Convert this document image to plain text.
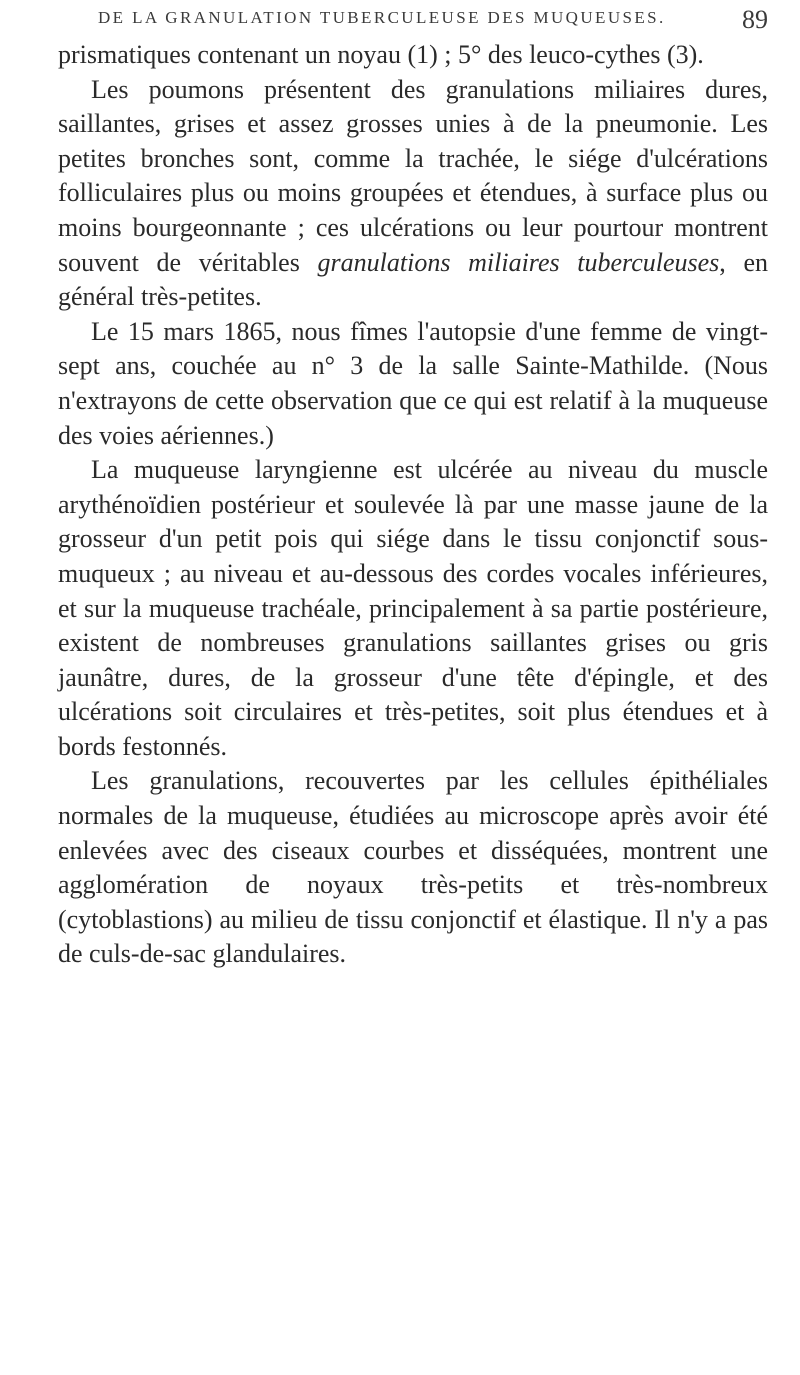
DE LA GRANULATION TUBERCULEUSE DES MUQUEUSES.	89

prismatiques contenant un noyau (1) ; 5° des leuco-cythes (3).

Les poumons présentent des granulations miliaires dures, saillantes, grises et assez grosses unies à de la pneumonie. Les petites bronches sont, comme la trachée, le siége d'ulcérations folliculaires plus ou moins groupées et étendues, à surface plus ou moins bourgeonnante ; ces ulcérations ou leur pourtour montrent souvent de véritables granulations miliaires tuberculeuses, en général très-petites.

Le 15 mars 1865, nous fîmes l'autopsie d'une femme de vingt-sept ans, couchée au n° 3 de la salle Sainte-Mathilde. (Nous n'extrayons de cette observation que ce qui est relatif à la muqueuse des voies aériennes.)

La muqueuse laryngienne est ulcérée au niveau du muscle arythénoïdien postérieur et soulevée là par une masse jaune de la grosseur d'un petit pois qui siége dans le tissu conjonctif sous-muqueux ; au niveau et au-dessous des cordes vocales inférieures, et sur la muqueuse trachéale, principalement à sa partie postérieure, existent de nombreuses granulations saillantes grises ou gris jaunâtre, dures, de la grosseur d'une tête d'épingle, et des ulcérations soit circulaires et très-petites, soit plus étendues et à bords festonnés.

Les granulations, recouvertes par les cellules épithéliales normales de la muqueuse, étudiées au microscope après avoir été enlevées avec des ciseaux courbes et disséquées, montrent une agglomération de noyaux très-petits et très-nombreux (cytoblastions) au milieu de tissu conjonctif et élastique. Il n'y a pas de culs-de-sac glandulaires.
